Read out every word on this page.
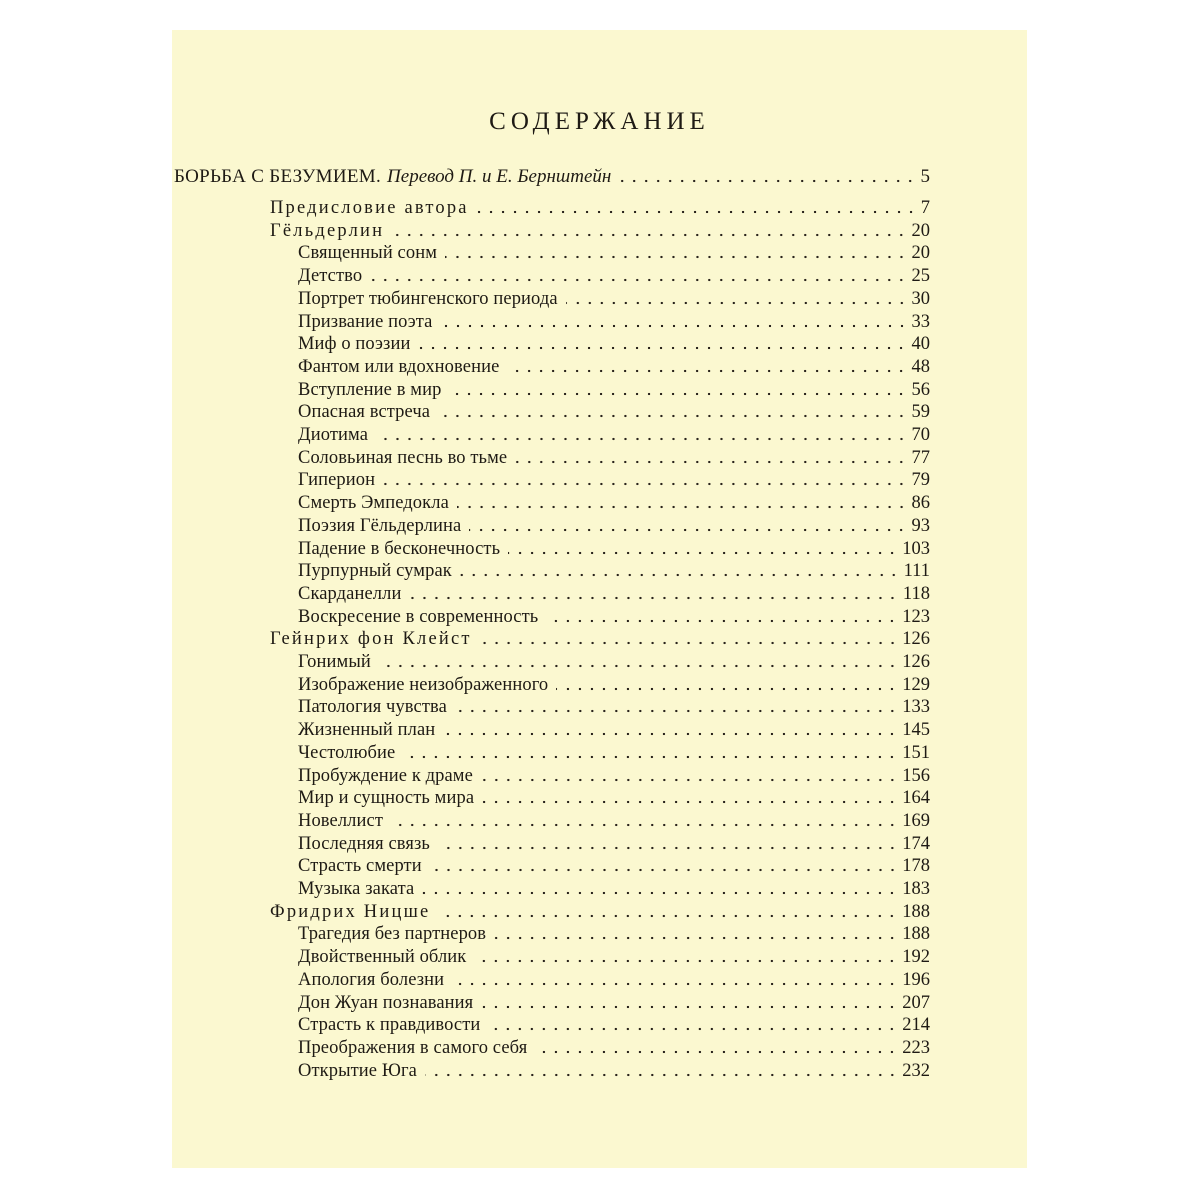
СОДЕРЖАНИЕ
БОРЬБА С БЕЗУМИЕМ. Перевод П. и Е. Бернштейн	5
Предисловие автора	7
Гёльдерлин	20
Священный сонм	20
Детство	25
Портрет тюбингенского периода	30
Призвание поэта	33
Миф о поэзии	40
Фантом или вдохновение	48
Вступление в мир	56
Опасная встреча	59
Диотима	70
Соловьиная песнь во тьме	77
Гиперион	79
Смерть Эмпедокла	86
Поэзия Гёльдерлина	93
Падение в бесконечность	103
Пурпурный сумрак	111
Скарданелли	118
Воскресение в современность	123
Гейнрих фон Клейст	126
Гонимый	126
Изображение неизображенного	129
Патология чувства	133
Жизненный план	145
Честолюбие	151
Пробуждение к драме	156
Мир и сущность мира	164
Новеллист	169
Последняя связь	174
Страсть смерти	178
Музыка заката	183
Фридрих Ницше	188
Трагедия без партнеров	188
Двойственный облик	192
Апология болезни	196
Дон Жуан познавания	207
Страсть к правдивости	214
Преображения в самого себя	223
Открытие Юга	232
